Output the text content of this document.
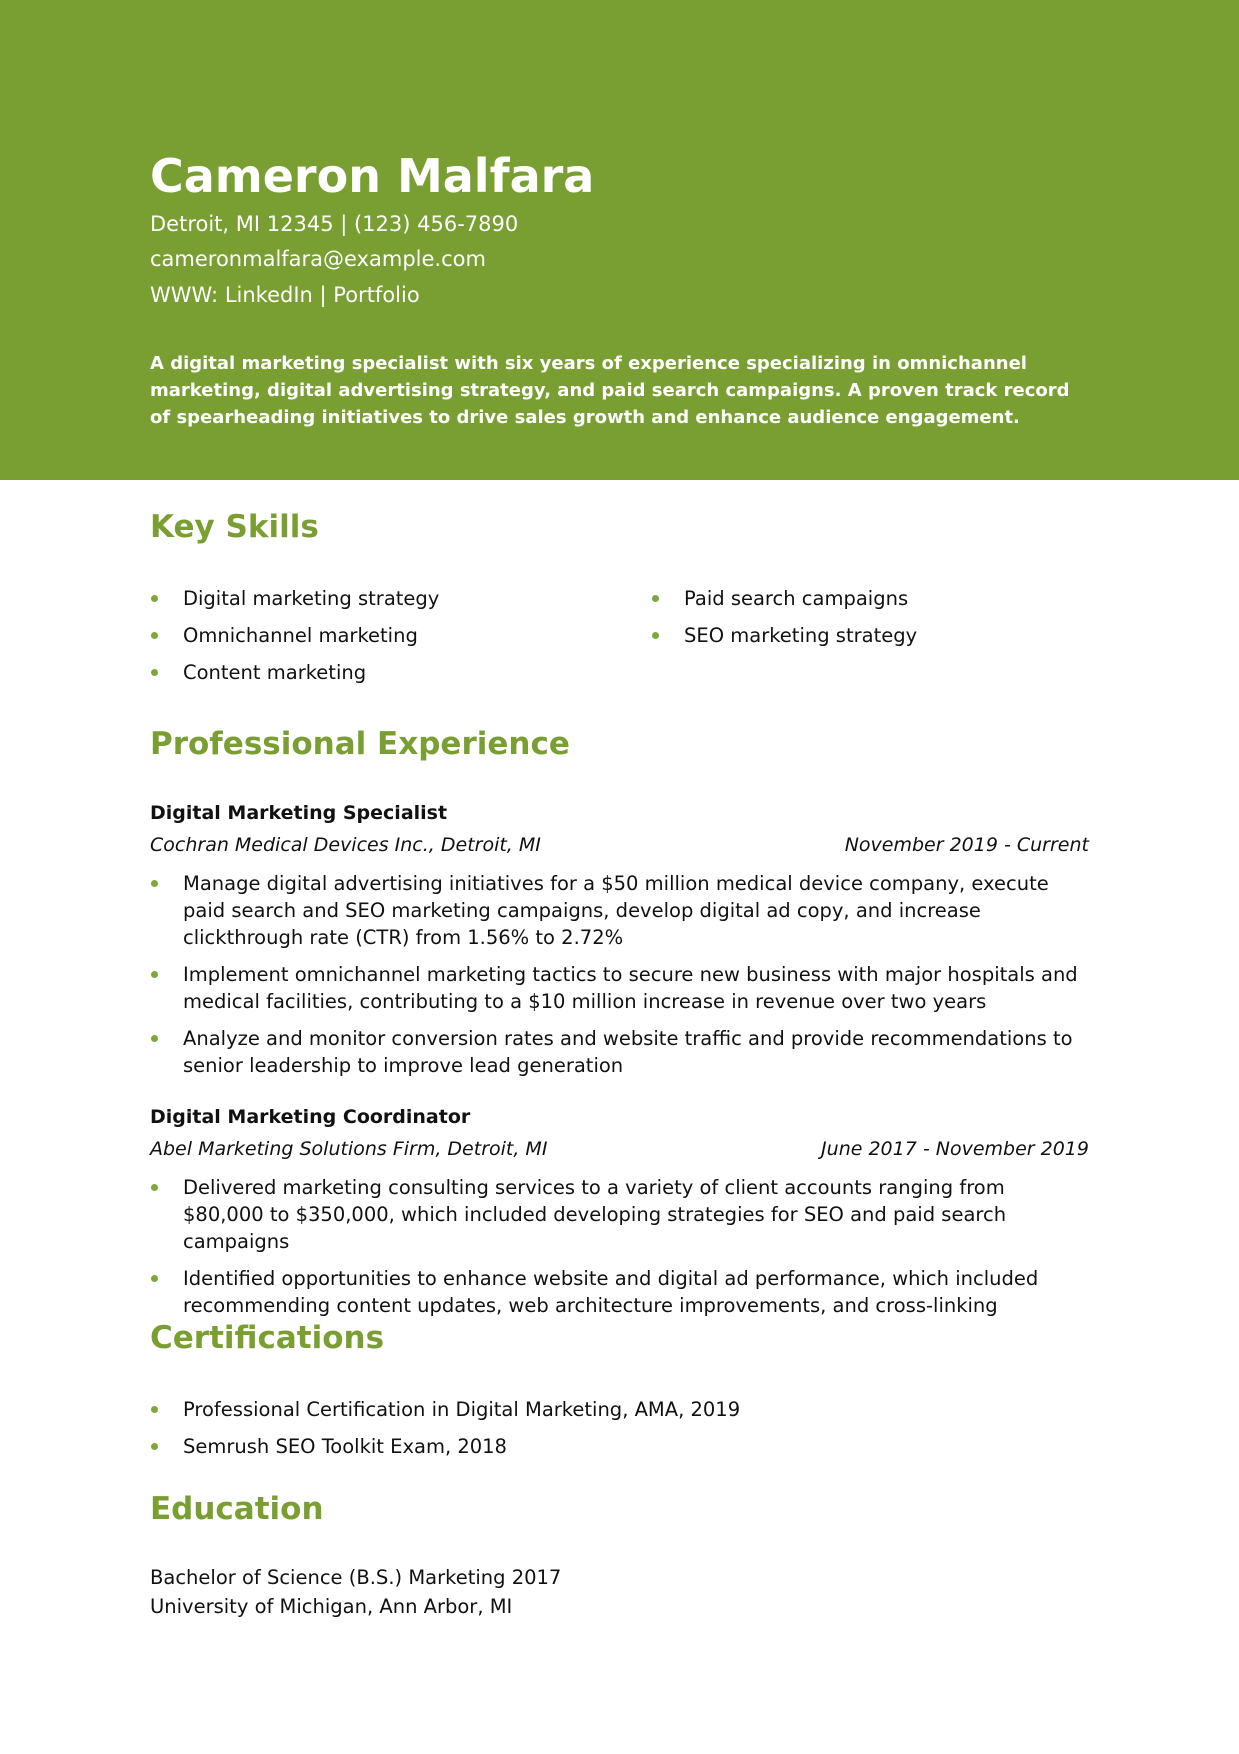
Cameron Malfara

Detroit, MI 12345 | (123) 456-7890

cameronmalfara@example.com

WWW: LinkedIn | Portfolio

A digital marketing specialist with six years of experience specializing in omnichannel marketing, digital advertising strategy, and paid search campaigns. A proven track record of spearheading initiatives to drive sales growth and enhance audience engagement.

Key Skills
Digital marketing strategy
Omnichannel marketing
Content marketing
Paid search campaigns
SEO marketing strategy
Professional Experience

Digital Marketing Specialist

Cochran Medical Devices Inc., Detroit, MI	November 2019 - Current
Manage digital advertising initiatives for a $50 million medical device company, execute paid search and SEO marketing campaigns, develop digital ad copy, and increase clickthrough rate (CTR) from 1.56% to 2.72%
Implement omnichannel marketing tactics to secure new business with major hospitals and medical facilities, contributing to a $10 million increase in revenue over two years
Analyze and monitor conversion rates and website traffic and provide recommendations to senior leadership to improve lead generation

Digital Marketing Coordinator

Abel Marketing Solutions Firm, Detroit, MI	June 2017 - November 2019
Delivered marketing consulting services to a variety of client accounts ranging from $80,000 to $350,000, which included developing strategies for SEO and paid search campaigns
Identified opportunities to enhance website and digital ad performance, which included recommending content updates, web architecture improvements, and cross-linking
Certifications
Professional Certification in Digital Marketing, AMA, 2019
Semrush SEO Toolkit Exam, 2018
Education

Bachelor of Science (B.S.) Marketing 2017

University of Michigan, Ann Arbor, MI
